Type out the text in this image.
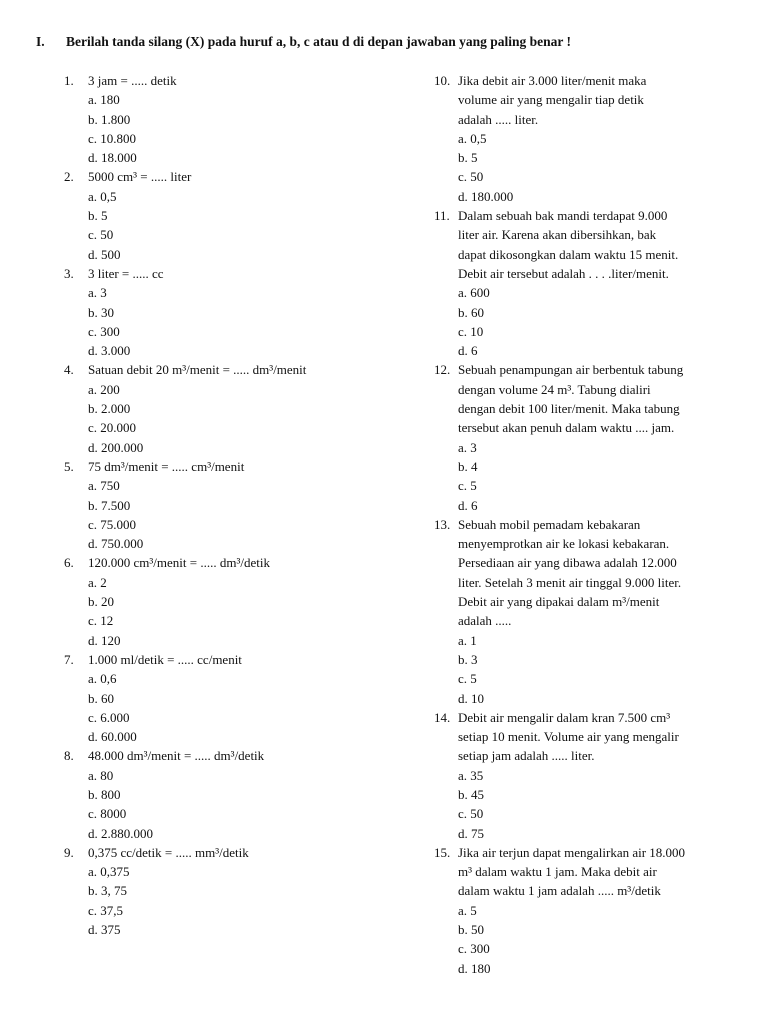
I. Berilah tanda silang (X) pada huruf a, b, c atau d di depan jawaban yang paling benar !
1.	3 jam = ..... detik
a. 180
b. 1.800
c. 10.800
d. 18.000
2.	5000 cm³ = ..... liter
a. 0,5
b. 5
c. 50
d. 500
3.	3 liter = ..... cc
a. 3
b. 30
c. 300
d. 3.000
4.	Satuan debit 20 m³/menit = ..... dm³/menit
a. 200
b. 2.000
c. 20.000
d. 200.000
5.	75 dm³/menit = ..... cm³/menit
a. 750
b. 7.500
c. 75.000
d. 750.000
6.	120.000 cm³/menit = ..... dm³/detik
a. 2
b. 20
c. 12
d. 120
7.	1.000 ml/detik = ..... cc/menit
a. 0,6
b. 60
c. 6.000
d. 60.000
8.	48.000 dm³/menit = ..... dm³/detik
a. 80
b. 800
c. 8000
d. 2.880.000
9.	0,375 cc/detik = ..... mm³/detik
a. 0,375
b. 3, 75
c. 37,5
d. 375
10. Jika debit air 3.000 liter/menit maka
volume air yang mengalir tiap detik
adalah ..... liter.
a. 0,5
b. 5
c. 50
d. 180.000
11. Dalam sebuah bak mandi terdapat 9.000
liter air. Karena akan dibersihkan, bak
dapat dikosongkan dalam waktu 15 menit.
Debit air tersebut adalah . . . .liter/menit.
a. 600
b. 60
c. 10
d. 6
12. Sebuah penampungan air berbentuk tabung
dengan volume 24 m³. Tabung dialiri
dengan debit 100 liter/menit. Maka tabung
tersebut akan penuh dalam waktu .... jam.
a. 3
b. 4
c. 5
d. 6
13. Sebuah mobil pemadam kebakaran
menyemprotkan air ke lokasi kebakaran.
Persediaan air yang dibawa adalah 12.000
liter. Setelah 3 menit air tinggal 9.000 liter.
Debit air yang dipakai dalam m³/menit
adalah .....
a. 1
b. 3
c. 5
d. 10
14. Debit air mengalir dalam kran 7.500 cm³
setiap 10 menit. Volume air yang mengalir
setiap jam adalah ..... liter.
a. 35
b. 45
c. 50
d. 75
15. Jika air terjun dapat mengalirkan air 18.000
m³ dalam waktu 1 jam. Maka debit air
dalam waktu 1 jam adalah ..... m³/detik
a. 5
b. 50
c. 300
d. 180
